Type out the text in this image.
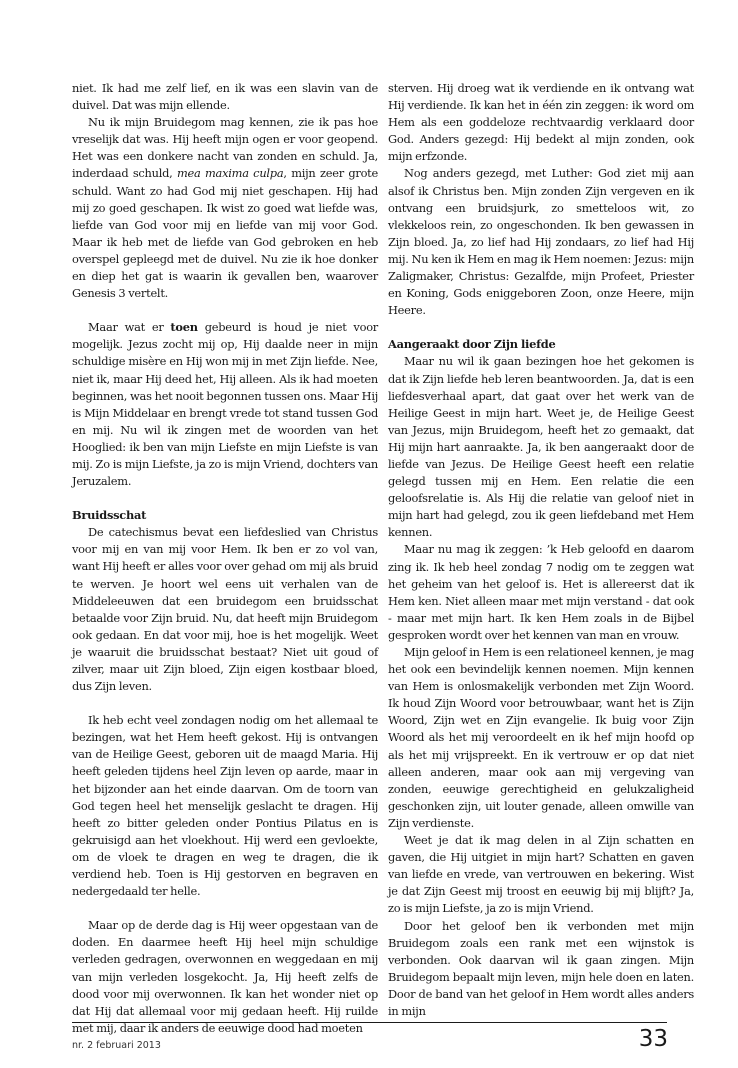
niet. Ik had me zelf lief, en ik was een slavin van de duivel. Dat was mijn ellende.

Nu ik mijn Bruidegom mag kennen, zie ik pas hoe vreselijk dat was. Hij heeft mijn ogen er voor geopend. Het was een donkere nacht van zonden en schuld. Ja, inderdaad schuld, mea maxima culpa, mijn zeer grote schuld. Want zo had God mij niet geschapen. Hij had mij zo goed geschapen. Ik wist zo goed wat liefde was, liefde van God voor mij en liefde van mij voor God. Maar ik heb met de liefde van God gebroken en heb overspel gepleegd met de duivel. Nu zie ik hoe donker en diep het gat is waarin ik gevallen ben, waarover Genesis 3 vertelt.

Maar wat er toen gebeurd is houd je niet voor mogelijk. Jezus zocht mij op, Hij daalde neer in mijn schuldige misère en Hij won mij in met Zijn liefde. Nee, niet ik, maar Hij deed het, Hij alleen. Als ik had moeten beginnen, was het nooit begonnen tussen ons. Maar Hij is Mijn Middelaar en brengt vrede tot stand tussen God en mij. Nu wil ik zingen met de woorden van het Hooglied: ik ben van mijn Liefste en mijn Liefste is van mij. Zo is mijn Liefste, ja zo is mijn Vriend, dochters van Jeruzalem.

Bruidsschat

De catechismus bevat een liefdeslied van Christus voor mij en van mij voor Hem. Ik ben er zo vol van, want Hij heeft er alles voor over gehad om mij als bruid te werven. Je hoort wel eens uit verhalen van de Middeleeuwen dat een bruidegom een bruidsschat betaalde voor Zijn bruid. Nu, dat heeft mijn Bruidegom ook gedaan. En dat voor mij, hoe is het mogelijk. Weet je waaruit die bruidsschat bestaat? Niet uit goud of zilver, maar uit Zijn bloed, Zijn eigen kostbaar bloed, dus Zijn leven.

Ik heb echt veel zondagen nodig om het allemaal te bezingen, wat het Hem heeft gekost. Hij is ontvangen van de Heilige Geest, geboren uit de maagd Maria. Hij heeft geleden tijdens heel Zijn leven op aarde, maar in het bijzonder aan het einde daarvan. Om de toorn van God tegen heel het menselijk geslacht te dragen. Hij heeft zo bitter geleden onder Pontius Pilatus en is gekruisigd aan het vloekhout. Hij werd een gevloekte, om de vloek te dragen en weg te dragen, die ik verdiend heb. Toen is Hij gestorven en begraven en nedergedaald ter helle.

Maar op de derde dag is Hij weer opgestaan van de doden. En daarmee heeft Hij heel mijn schuldige verleden gedragen, overwonnen en weggedaan en mij van mijn verleden losgekocht. Ja, Hij heeft zelfs de dood voor mij overwonnen. Ik kan het wonder niet op dat Hij dat allemaal voor mij gedaan heeft. Hij ruilde met mij, daar ik anders de eeuwige dood had moeten

sterven. Hij droeg wat ik verdiende en ik ontvang wat Hij verdiende. Ik kan het in één zin zeggen: ik word om Hem als een goddeloze rechtvaardig verklaard door God. Anders gezegd: Hij bedekt al mijn zonden, ook mijn erfzonde.

Nog anders gezegd, met Luther: God ziet mij aan alsof ik Christus ben. Mijn zonden Zijn vergeven en ik ontvang een bruidsjurk, zo smetteloos wit, zo vlekkeloos rein, zo ongeschonden. Ik ben gewassen in Zijn bloed. Ja, zo lief had Hij zondaars, zo lief had Hij mij. Nu ken ik Hem en mag ik Hem noemen: Jezus: mijn Zaligmaker, Christus: Gezalfde, mijn Profeet, Priester en Koning, Gods eniggeboren Zoon, onze Heere, mijn Heere.

Aangeraakt door Zijn liefde

Maar nu wil ik gaan bezingen hoe het gekomen is dat ik Zijn liefde heb leren beantwoorden. Ja, dat is een liefdesverhaal apart, dat gaat over het werk van de Heilige Geest in mijn hart. Weet je, de Heilige Geest van Jezus, mijn Bruidegom, heeft het zo gemaakt, dat Hij mijn hart aanraakte. Ja, ik ben aangeraakt door de liefde van Jezus. De Heilige Geest heeft een relatie gelegd tussen mij en Hem. Een relatie die een geloofsrelatie is. Als Hij die relatie van geloof niet in mijn hart had gelegd, zou ik geen liefdeband met Hem kennen.

Maar nu mag ik zeggen: ’k Heb geloofd en daarom zing ik. Ik heb heel zondag 7 nodig om te zeggen wat het geheim van het geloof is. Het is allereerst dat ik Hem ken. Niet alleen maar met mijn verstand - dat ook - maar met mijn hart. Ik ken Hem zoals in de Bijbel gesproken wordt over het kennen van man en vrouw.

Mijn geloof in Hem is een relationeel kennen, je mag het ook een bevindelijk kennen noemen. Mijn kennen van Hem is onlosmakelijk verbonden met Zijn Woord. Ik houd Zijn Woord voor betrouwbaar, want het is Zijn Woord, Zijn wet en Zijn evangelie. Ik buig voor Zijn Woord als het mij veroordeelt en ik hef mijn hoofd op als het mij vrijspreekt. En ik vertrouw er op dat niet alleen anderen, maar ook aan mij vergeving van zonden, eeuwige gerechtigheid en gelukzaligheid geschonken zijn, uit louter genade, alleen omwille van Zijn verdienste.

Weet je dat ik mag delen in al Zijn schatten en gaven, die Hij uitgiet in mijn hart? Schatten en gaven van liefde en vrede, van vertrouwen en bekering. Wist je dat Zijn Geest mij troost en eeuwig bij mij blijft? Ja, zo is mijn Liefste, ja zo is mijn Vriend.

Door het geloof ben ik verbonden met mijn Bruidegom zoals een rank met een wijnstok is verbonden. Ook daarvan wil ik gaan zingen. Mijn Bruidegom bepaalt mijn leven, mijn hele doen en laten. Door de band van het geloof in Hem wordt alles anders in mijn

nr. 2 februari 2013	33
